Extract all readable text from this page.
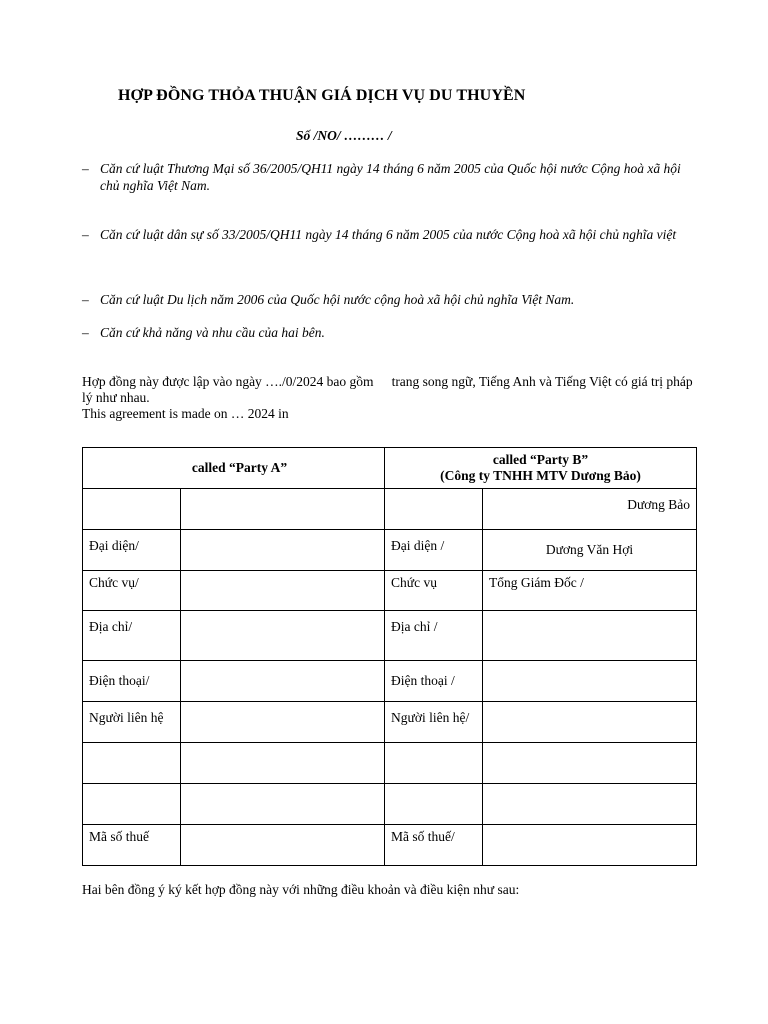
HỢP ĐỒNG THỎA THUẬN GIÁ DỊCH VỤ DU THUYỀN
Số /NO/ ……… /
– Căn cứ luật Thương Mại số 36/2005/QH11 ngày 14 tháng 6 năm 2005 của Quốc hội nước Cộng hoà xã hội chủ nghĩa Việt Nam.
– Căn cứ luật dân sự số 33/2005/QH11 ngày 14 tháng 6 năm 2005 của nước Cộng hoà xã hội chủ nghĩa việt
– Căn cứ luật Du lịch năm 2006 của Quốc hội nước cộng hoà xã hội chủ nghĩa Việt Nam.
– Căn cứ khả năng và nhu cầu của hai bên.
Hợp đồng này được lập vào ngày …./0/2024 bao gồm trang song ngữ, Tiếng Anh và Tiếng Việt có giá trị pháp lý như nhau.
This agreement is made on … 2024 in
called “Party A”		called “Party B”
(Công ty TNHH MTV Dương Bảo)	

			Dương Bảo
Đại diện/		Đại diện /	Dương Văn Hợi
Chức vụ/		Chức vụ	Tổng Giám Đốc /
Địa chỉ/		Địa chỉ /	
Điện thoại/		Điện thoại /	
Người liên hệ		Người liên hệ/	

Mã số thuế		Mã số thuế/	
Hai bên đồng ý ký kết hợp đồng này với những điều khoản và điều kiện như sau:
